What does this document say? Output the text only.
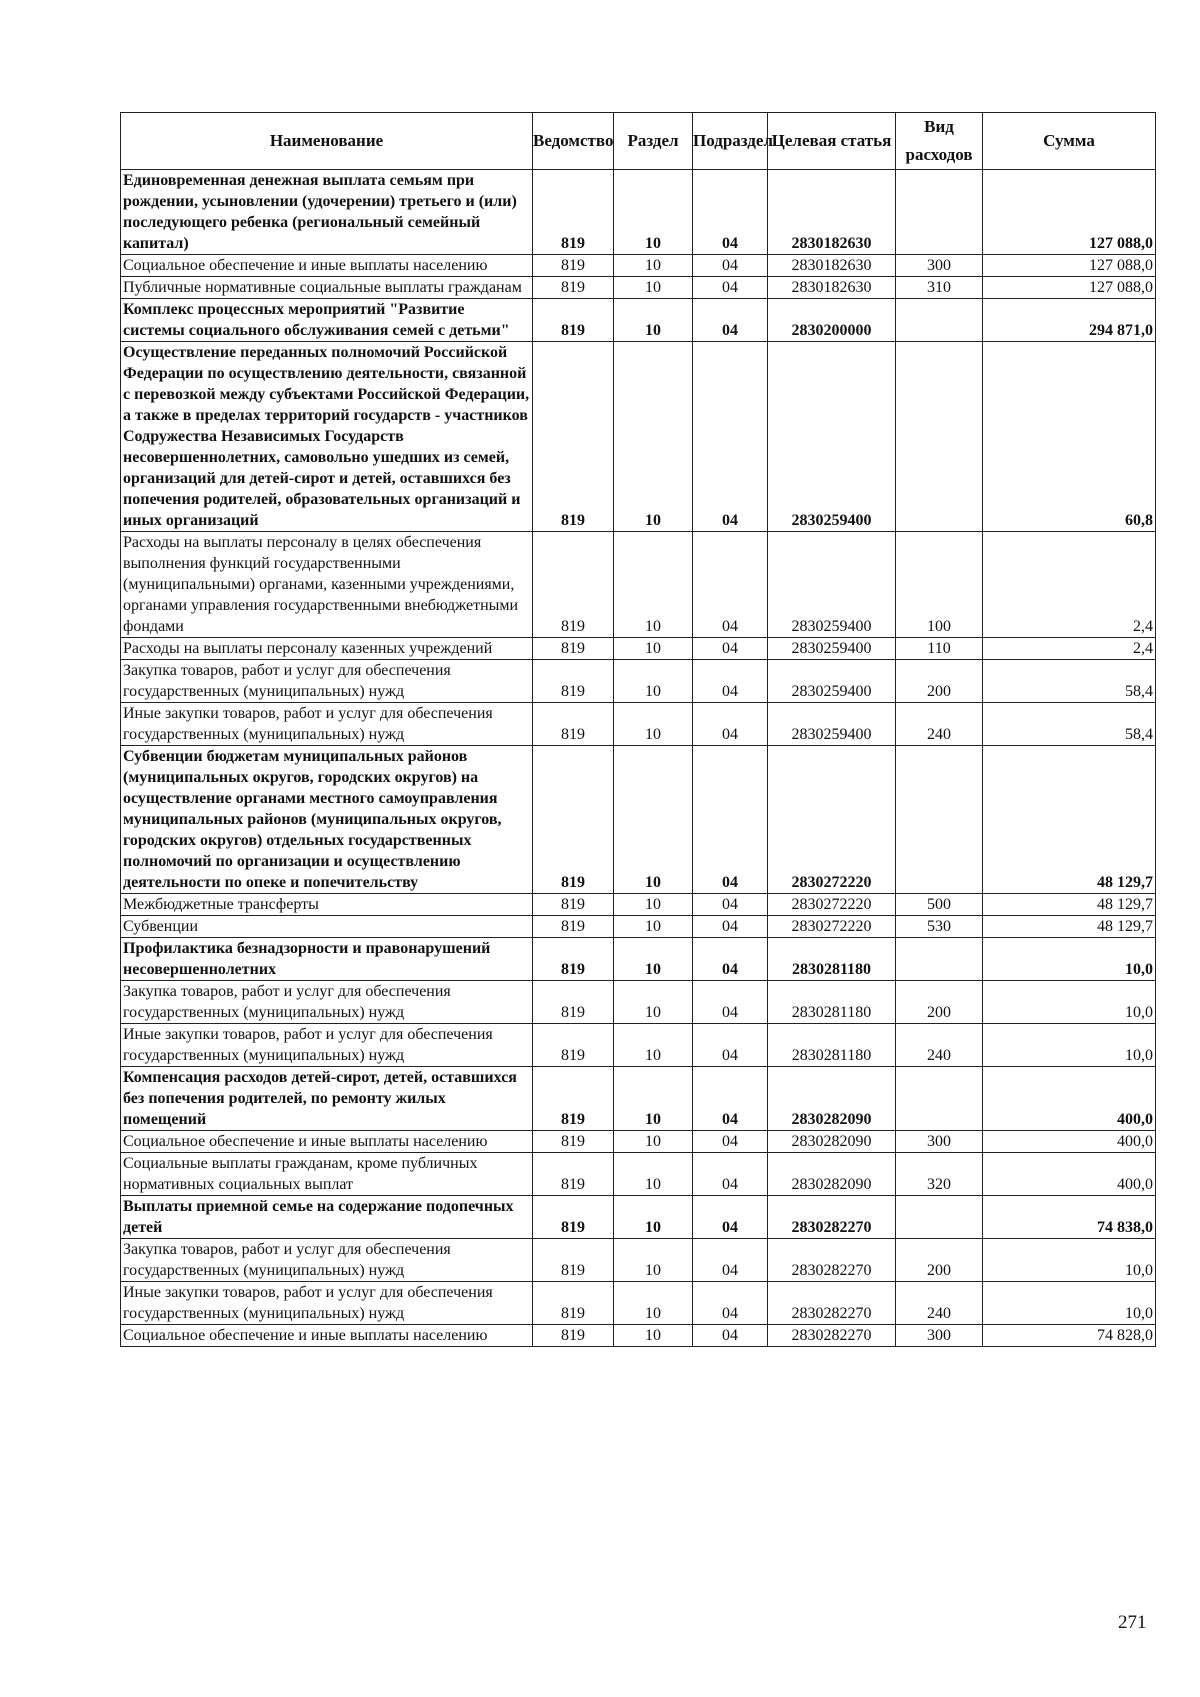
Наименование	Ведомство	Раздел	Подраздел	Целевая статья	Вид расходов	Сумма
Единовременная денежная выплата семьям при рождении, усыновлении (удочерении) третьего и (или) последующего ребенка (региональный семейный капитал)	819	10	04	2830182630		127 088,0
Социальное обеспечение и иные выплаты населению	819	10	04	2830182630	300	127 088,0
Публичные нормативные социальные выплаты гражданам	819	10	04	2830182630	310	127 088,0
Комплекс процессных мероприятий "Развитие системы социального обслуживания семей с детьми"	819	10	04	2830200000		294 871,0
Осуществление переданных полномочий Российской Федерации по осуществлению деятельности, связанной с перевозкой между субъектами Российской Федерации, а также в пределах территорий государств - участников Содружества Независимых Государств несовершеннолетних, самовольно ушедших из семей, организаций для детей-сирот и детей, оставшихся без попечения родителей, образовательных организаций и иных организаций	819	10	04	2830259400		60,8
Расходы на выплаты персоналу в целях обеспечения выполнения функций государственными (муниципальными) органами, казенными учреждениями, органами управления государственными внебюджетными фондами	819	10	04	2830259400	100	2,4
Расходы на выплаты персоналу казенных учреждений	819	10	04	2830259400	110	2,4
Закупка товаров, работ и услуг для обеспечения государственных (муниципальных) нужд	819	10	04	2830259400	200	58,4
Иные закупки товаров, работ и услуг для обеспечения государственных (муниципальных) нужд	819	10	04	2830259400	240	58,4
Субвенции бюджетам муниципальных районов (муниципальных округов, городских округов) на осуществление органами местного самоуправления муниципальных районов (муниципальных округов, городских округов) отдельных государственных полномочий по организации и осуществлению деятельности по опеке и попечительству	819	10	04	2830272220		48 129,7
Межбюджетные трансферты	819	10	04	2830272220	500	48 129,7
Субвенции	819	10	04	2830272220	530	48 129,7
Профилактика безнадзорности и правонарушений несовершеннолетних	819	10	04	2830281180		10,0
Закупка товаров, работ и услуг для обеспечения государственных (муниципальных) нужд	819	10	04	2830281180	200	10,0
Иные закупки товаров, работ и услуг для обеспечения государственных (муниципальных) нужд	819	10	04	2830281180	240	10,0
Компенсация расходов детей-сирот, детей, оставшихся без попечения родителей, по ремонту жилых помещений	819	10	04	2830282090		400,0
Социальное обеспечение и иные выплаты населению	819	10	04	2830282090	300	400,0
Социальные выплаты гражданам, кроме публичных нормативных социальных выплат	819	10	04	2830282090	320	400,0
Выплаты приемной семье на содержание подопечных детей	819	10	04	2830282270		74 838,0
Закупка товаров, работ и услуг для обеспечения государственных (муниципальных) нужд	819	10	04	2830282270	200	10,0
Иные закупки товаров, работ и услуг для обеспечения государственных (муниципальных) нужд	819	10	04	2830282270	240	10,0
Социальное обеспечение и иные выплаты населению	819	10	04	2830282270	300	74 828,0
271
